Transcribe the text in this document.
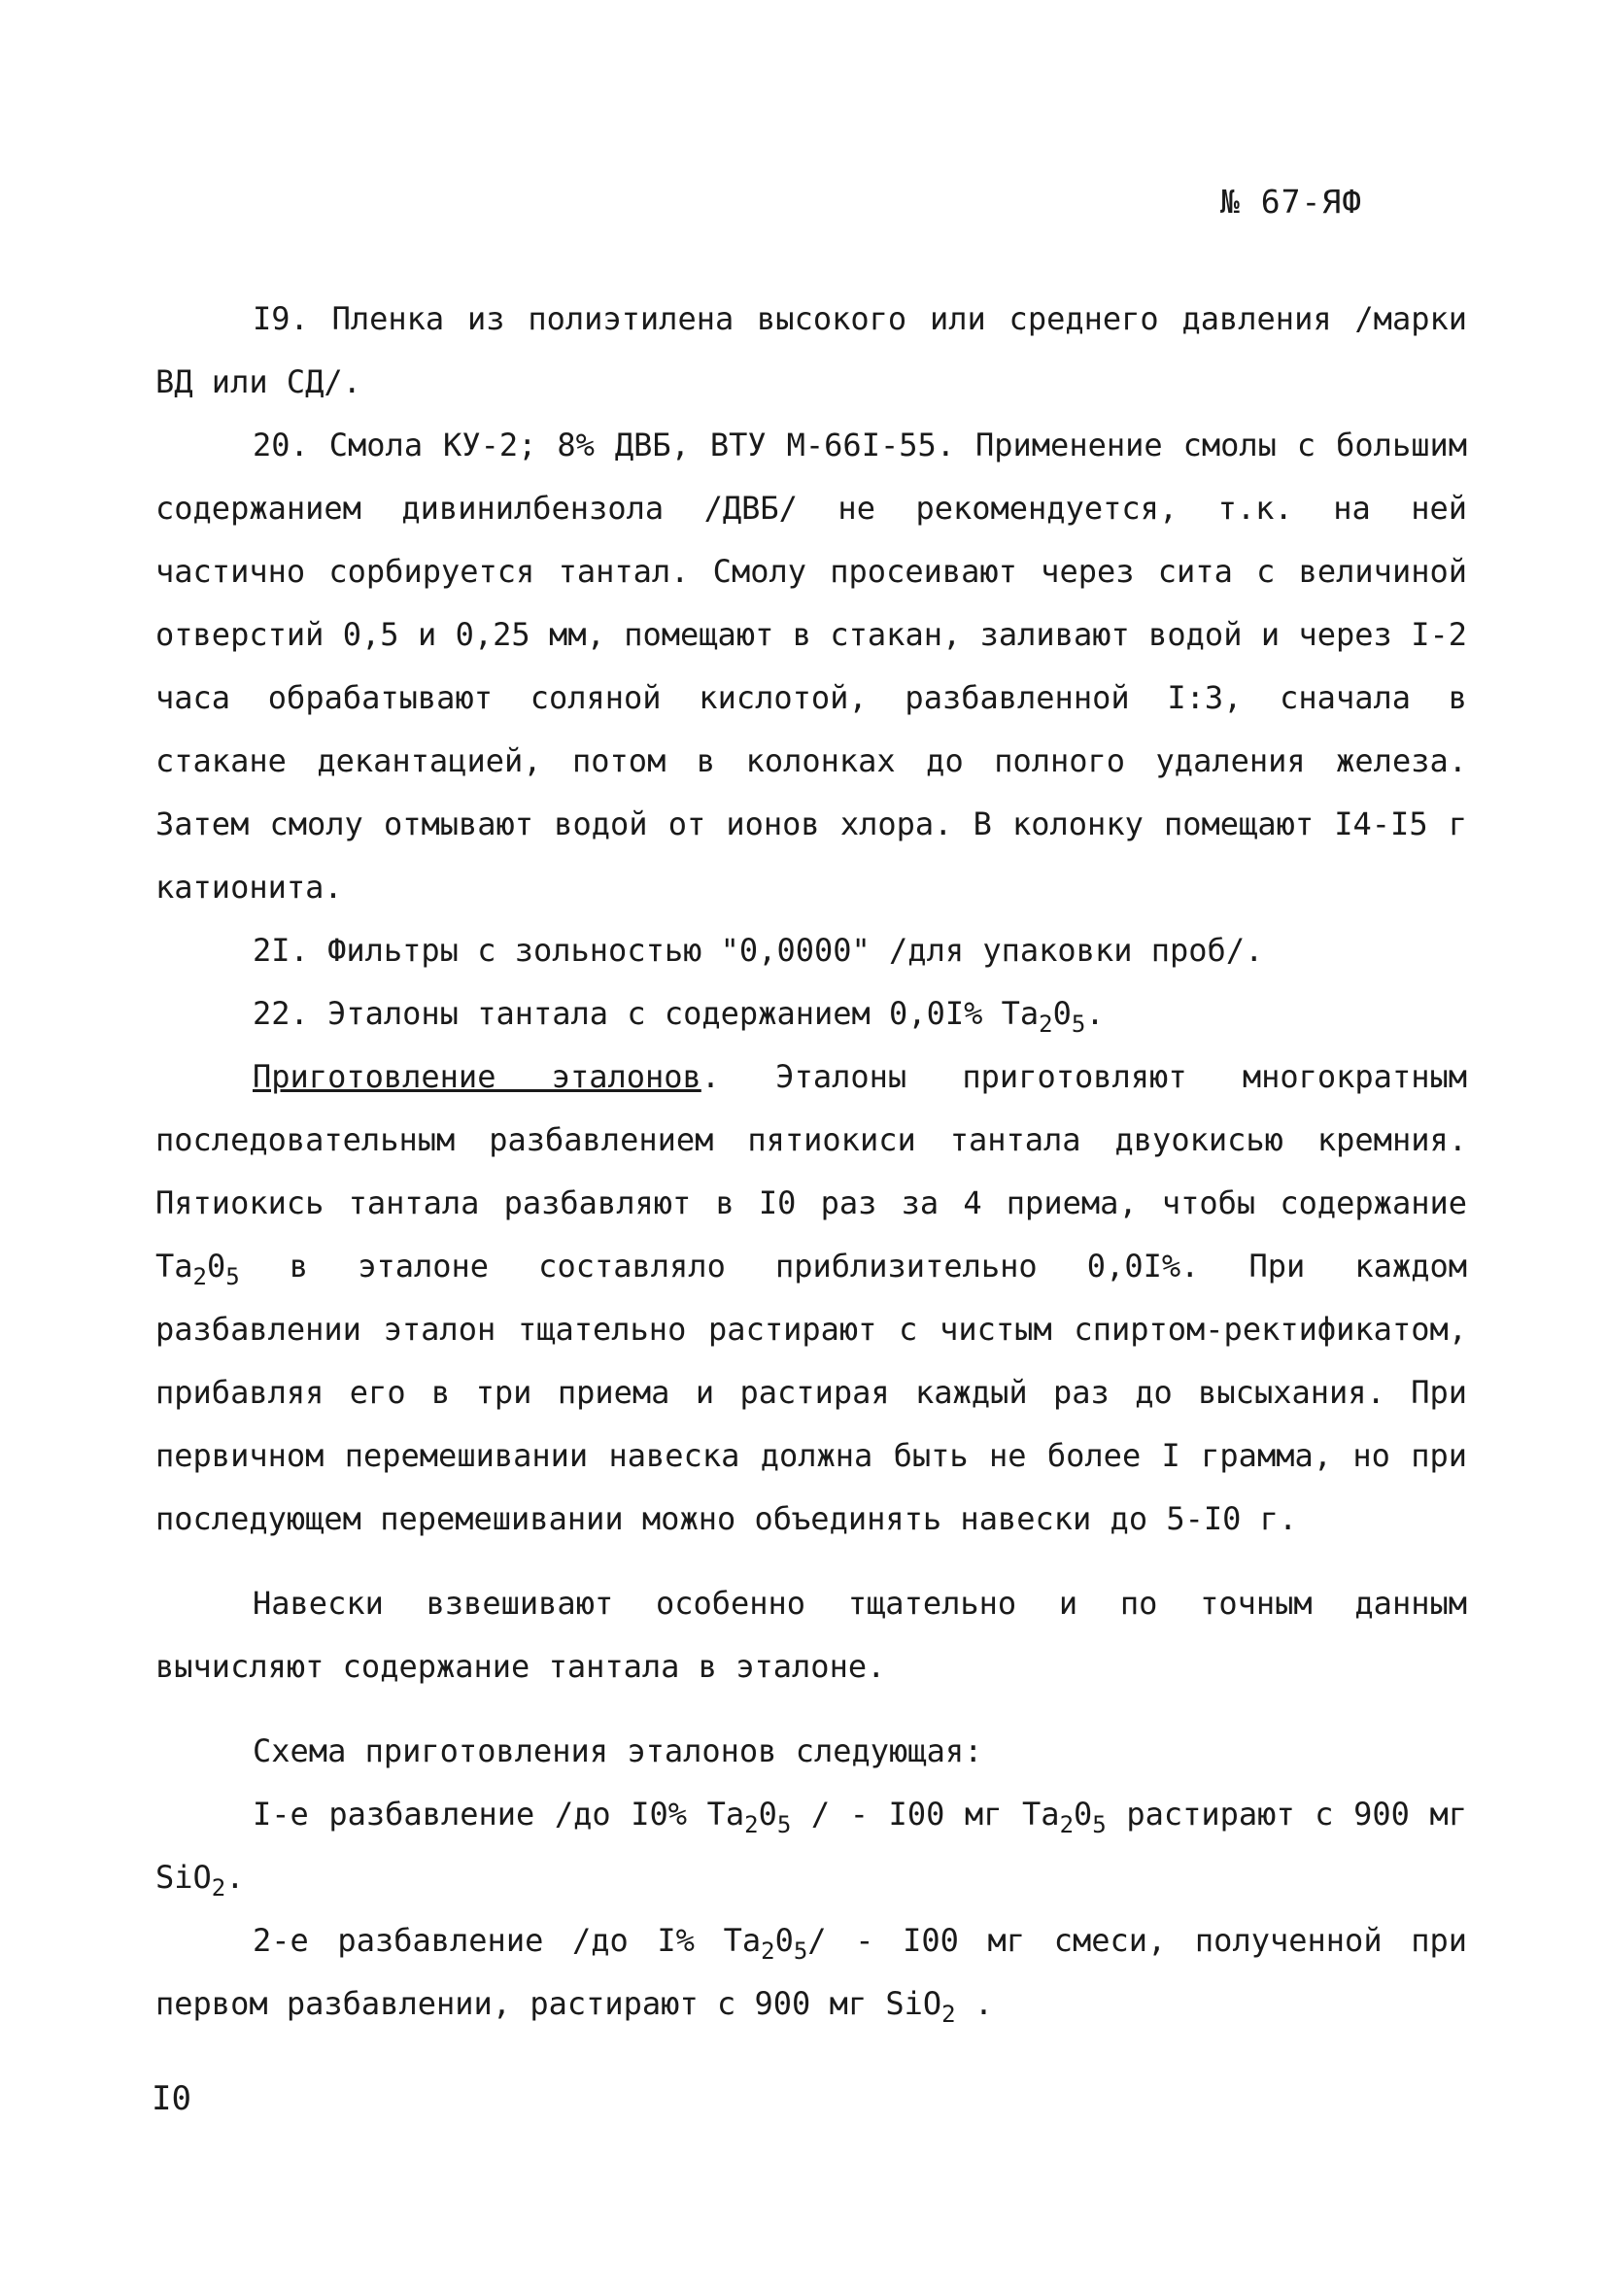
№ 67-ЯФ

I9. Пленка из полиэтилена высокого или среднего давления /марки ВД или СД/.

20. Смола КУ-2; 8% ДВБ, ВТУ М-66I-55. Применение смолы с большим содержанием дивинилбензола /ДВБ/ не рекомендуется, т.к. на ней частично сорбируется тантал. Смолу просеивают через сита с величиной отверстий 0,5 и 0,25 мм, помещают в стакан, заливают водой и через I-2 часа обрабатывают соляной кислотой, разбавленной I:3, сначала в стакане декантацией, потом в колонках до полного удаления железа. Затем смолу отмывают водой от ионов хлора. В колонку помещают I4-I5 г катионита.

2I. Фильтры с зольностью "0,0000" /для упаковки проб/.

22. Эталоны тантала с содержанием 0,0I% $Ta_20_5$.

Приготовление эталонов. Эталоны приготовляют многократным последовательным разбавлением пятиокиси тантала двуокисью кремния. Пятиокись тантала разбавляют в I0 раз за 4 приема, чтобы содержание $Ta_20_5$ в эталоне составляло приблизительно 0,0I%. При каждом разбавлении эталон тщательно растирают с чистым спиртом-ректификатом, прибавляя его в три приема и растирая каждый раз до высыхания. При первичном перемешивании навеска должна быть не более I грамма, но при последующем перемешивании можно объединять навески до 5-I0 г.

Навески взвешивают особенно тщательно и по точным данным вычисляют содержание тантала в эталоне.

Схема приготовления эталонов следующая:

I-е разбавление /до I0% $Ta_20_5$ / - I00 мг $Ta_20_5$ растирают с 900 мг SiO$_2$.

2-е разбавление /до I% $Ta_20_5/ - I00$ мг смеси, полученной при первом разбавлении, растирают с 900 мг SiO$_2$ .

I0
